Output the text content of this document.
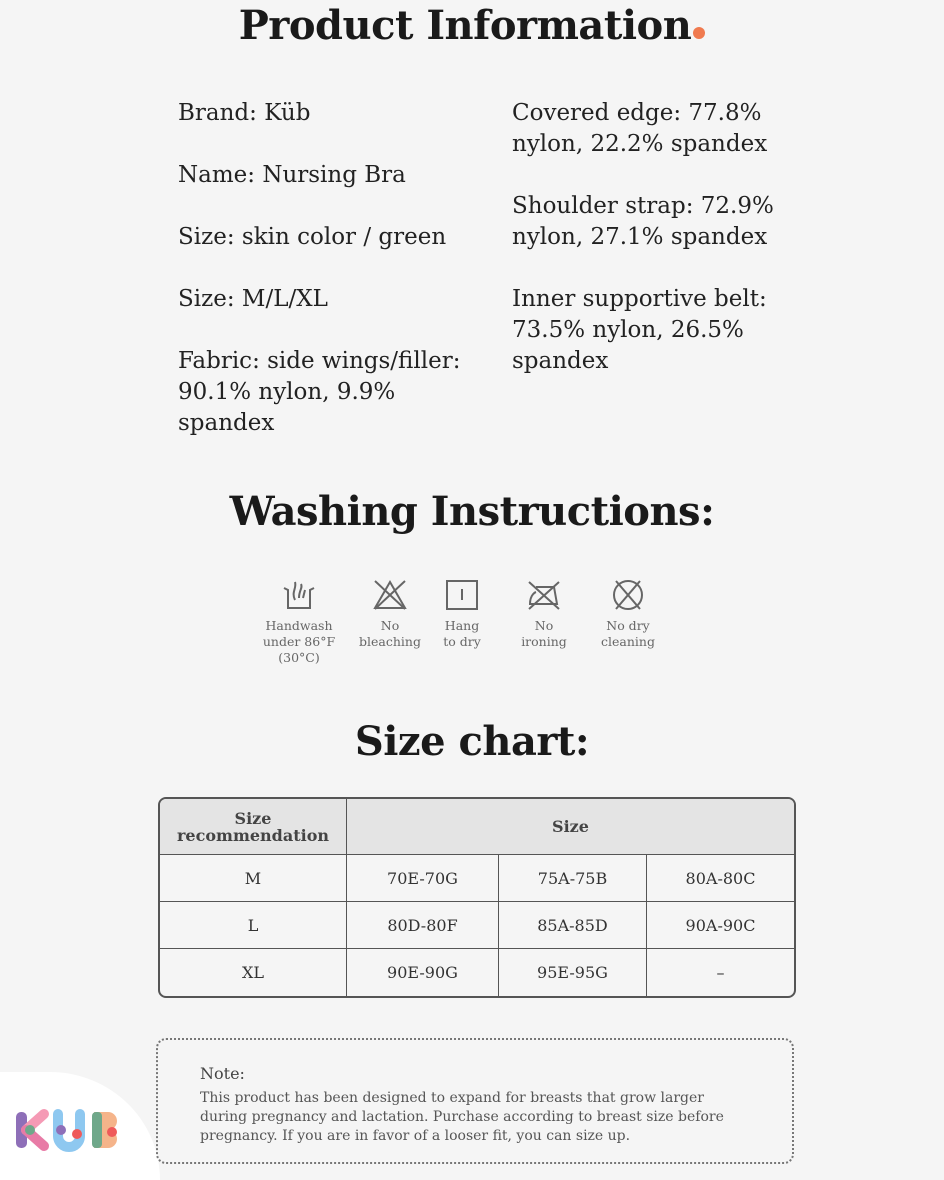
Product Information

Brand: Küb

Name: Nursing Bra

Size: skin color / green

Size: M/L/XL

Fabric: side wings/filler: 90.1% nylon, 9.9% spandex

Covered edge: 77.8% nylon, 22.2% spandex

Shoulder strap: 72.9% nylon, 27.1% spandex

Inner supportive belt: 73.5% nylon, 26.5% spandex

Washing Instructions:
Handwash under 86°F (30°C)
No bleaching
Hang to dry
No ironing
No dry cleaning
Size chart:
Size recommendation	Size		
M	70E-70G	75A-75B	80A-80C
L	80D-80F	85A-85D	90A-90C
XL	90E-90G	95E-95G	–
Note:
This product has been designed to expand for breasts that grow larger during pregnancy and lactation. Purchase according to breast size before pregnancy. If you are in favor of a looser fit, you can size up.
